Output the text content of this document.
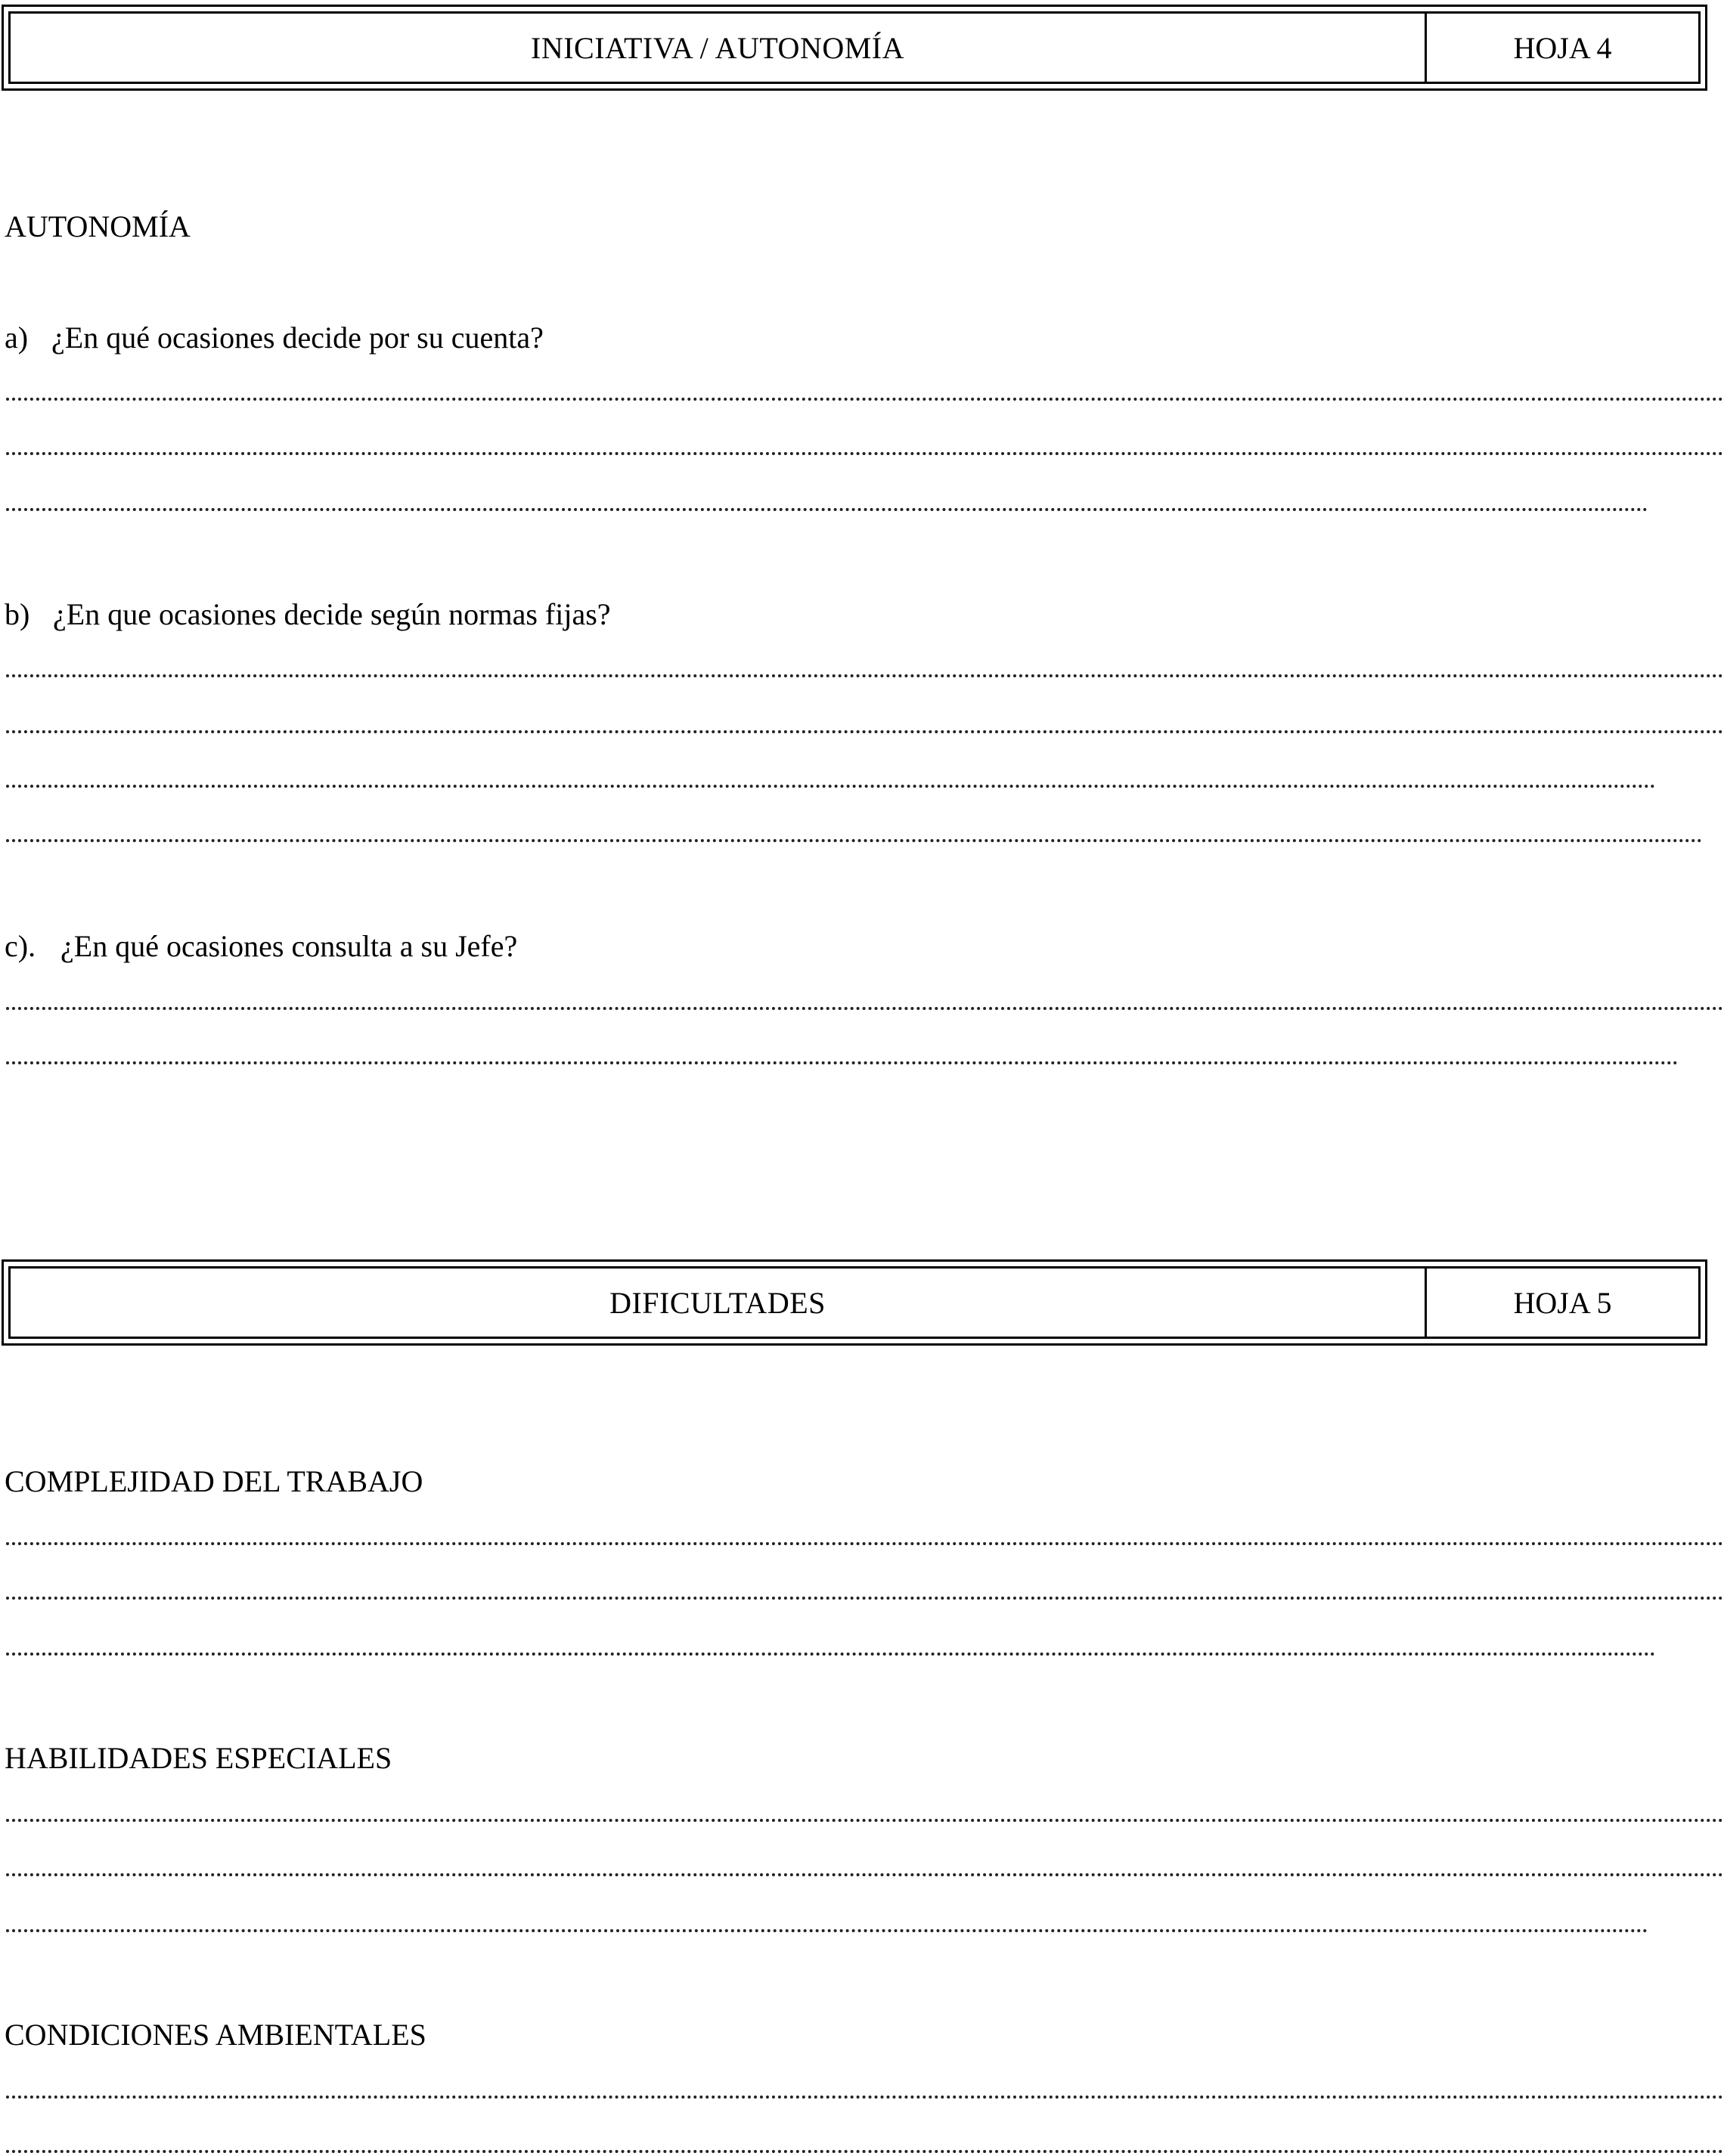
INICIATIVA / AUTONOMÍA	HOJA 4
AUTONOMÍA
a) ¿En qué ocasiones decide por su cuenta?
b) ¿En que ocasiones decide según normas fijas?
c). ¿En qué ocasiones consulta a su Jefe?
DIFICULTADES	HOJA 5
COMPLEJIDAD DEL TRABAJO
HABILIDADES ESPECIALES
CONDICIONES AMBIENTALES
